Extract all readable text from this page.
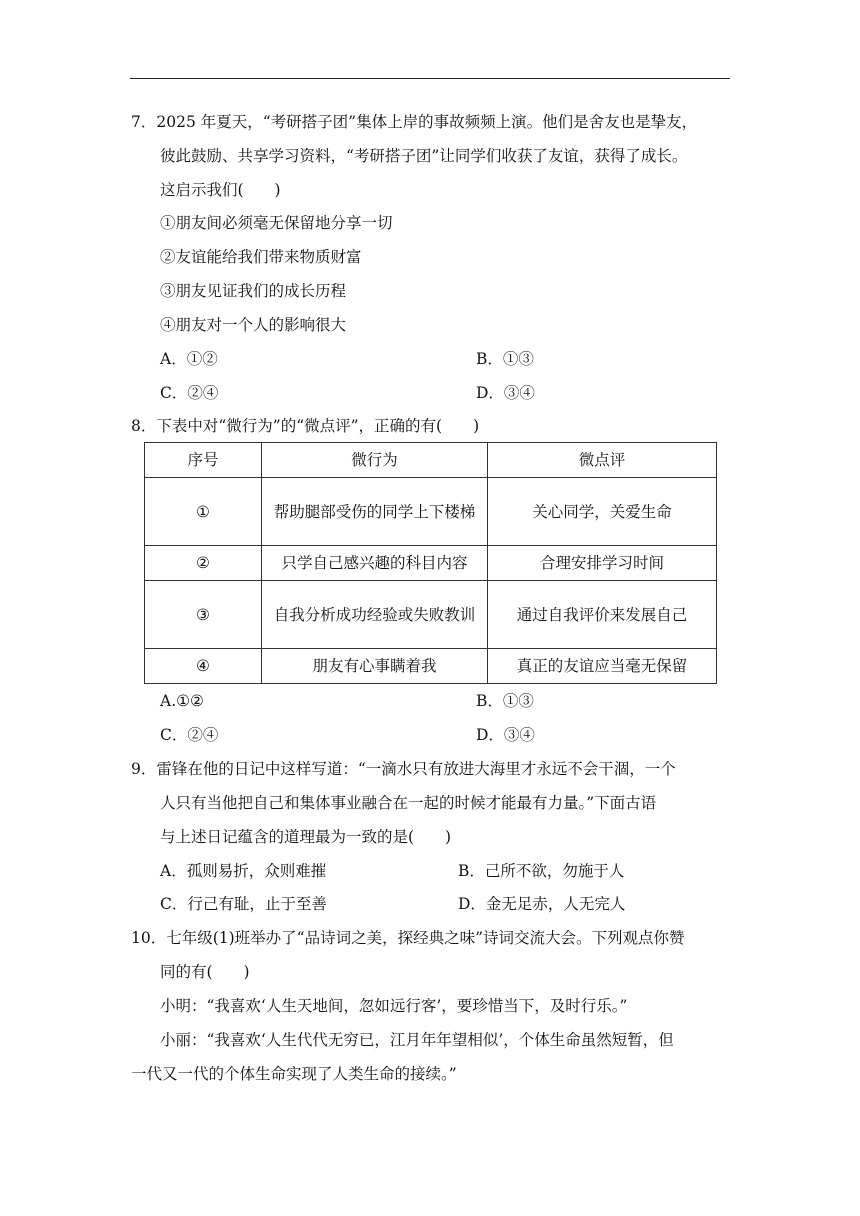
7．2025 年夏天，“考研搭子团”集体上岸的事故频频上演。他们是舍友也是挚友，
彼此鼓励、共享学习资料，“考研搭子团”让同学们收获了友谊，获得了成长。
这启示我们(　　)
①朋友间必须毫无保留地分享一切
②友谊能给我们带来物质财富
③朋友见证我们的成长历程
④朋友对一个人的影响很大
A．①②	B．①③
C．②④	D．③④
8．下表中对“微行为”的“微点评”，正确的有(　　)
序号	微行为	微点评
①	帮助腿部受伤的同学上下楼梯	关心同学，关爱生命
②	只学自己感兴趣的科目内容	合理安排学习时间
③	自我分析成功经验或失败教训	通过自我评价来发展自己
④	朋友有心事瞒着我	真正的友谊应当毫无保留
A.①②	B．①③
C．②④	D．③④
9．雷锋在他的日记中这样写道：“一滴水只有放进大海里才永远不会干涸，一个
人只有当他把自己和集体事业融合在一起的时候才能最有力量。”下面古语
与上述日记蕴含的道理最为一致的是(　　)
A．孤则易折，众则难摧	B．己所不欲，勿施于人
C．行己有耻，止于至善	D．金无足赤，人无完人
10．七年级(1)班举办了“品诗词之美，探经典之味”诗词交流大会。下列观点你赞
同的有(　　)
小明：“我喜欢‘人生天地间，忽如远行客’，要珍惜当下，及时行乐。”
小丽：“我喜欢‘人生代代无穷已，江月年年望相似’，个体生命虽然短暂，但
一代又一代的个体生命实现了人类生命的接续。”
